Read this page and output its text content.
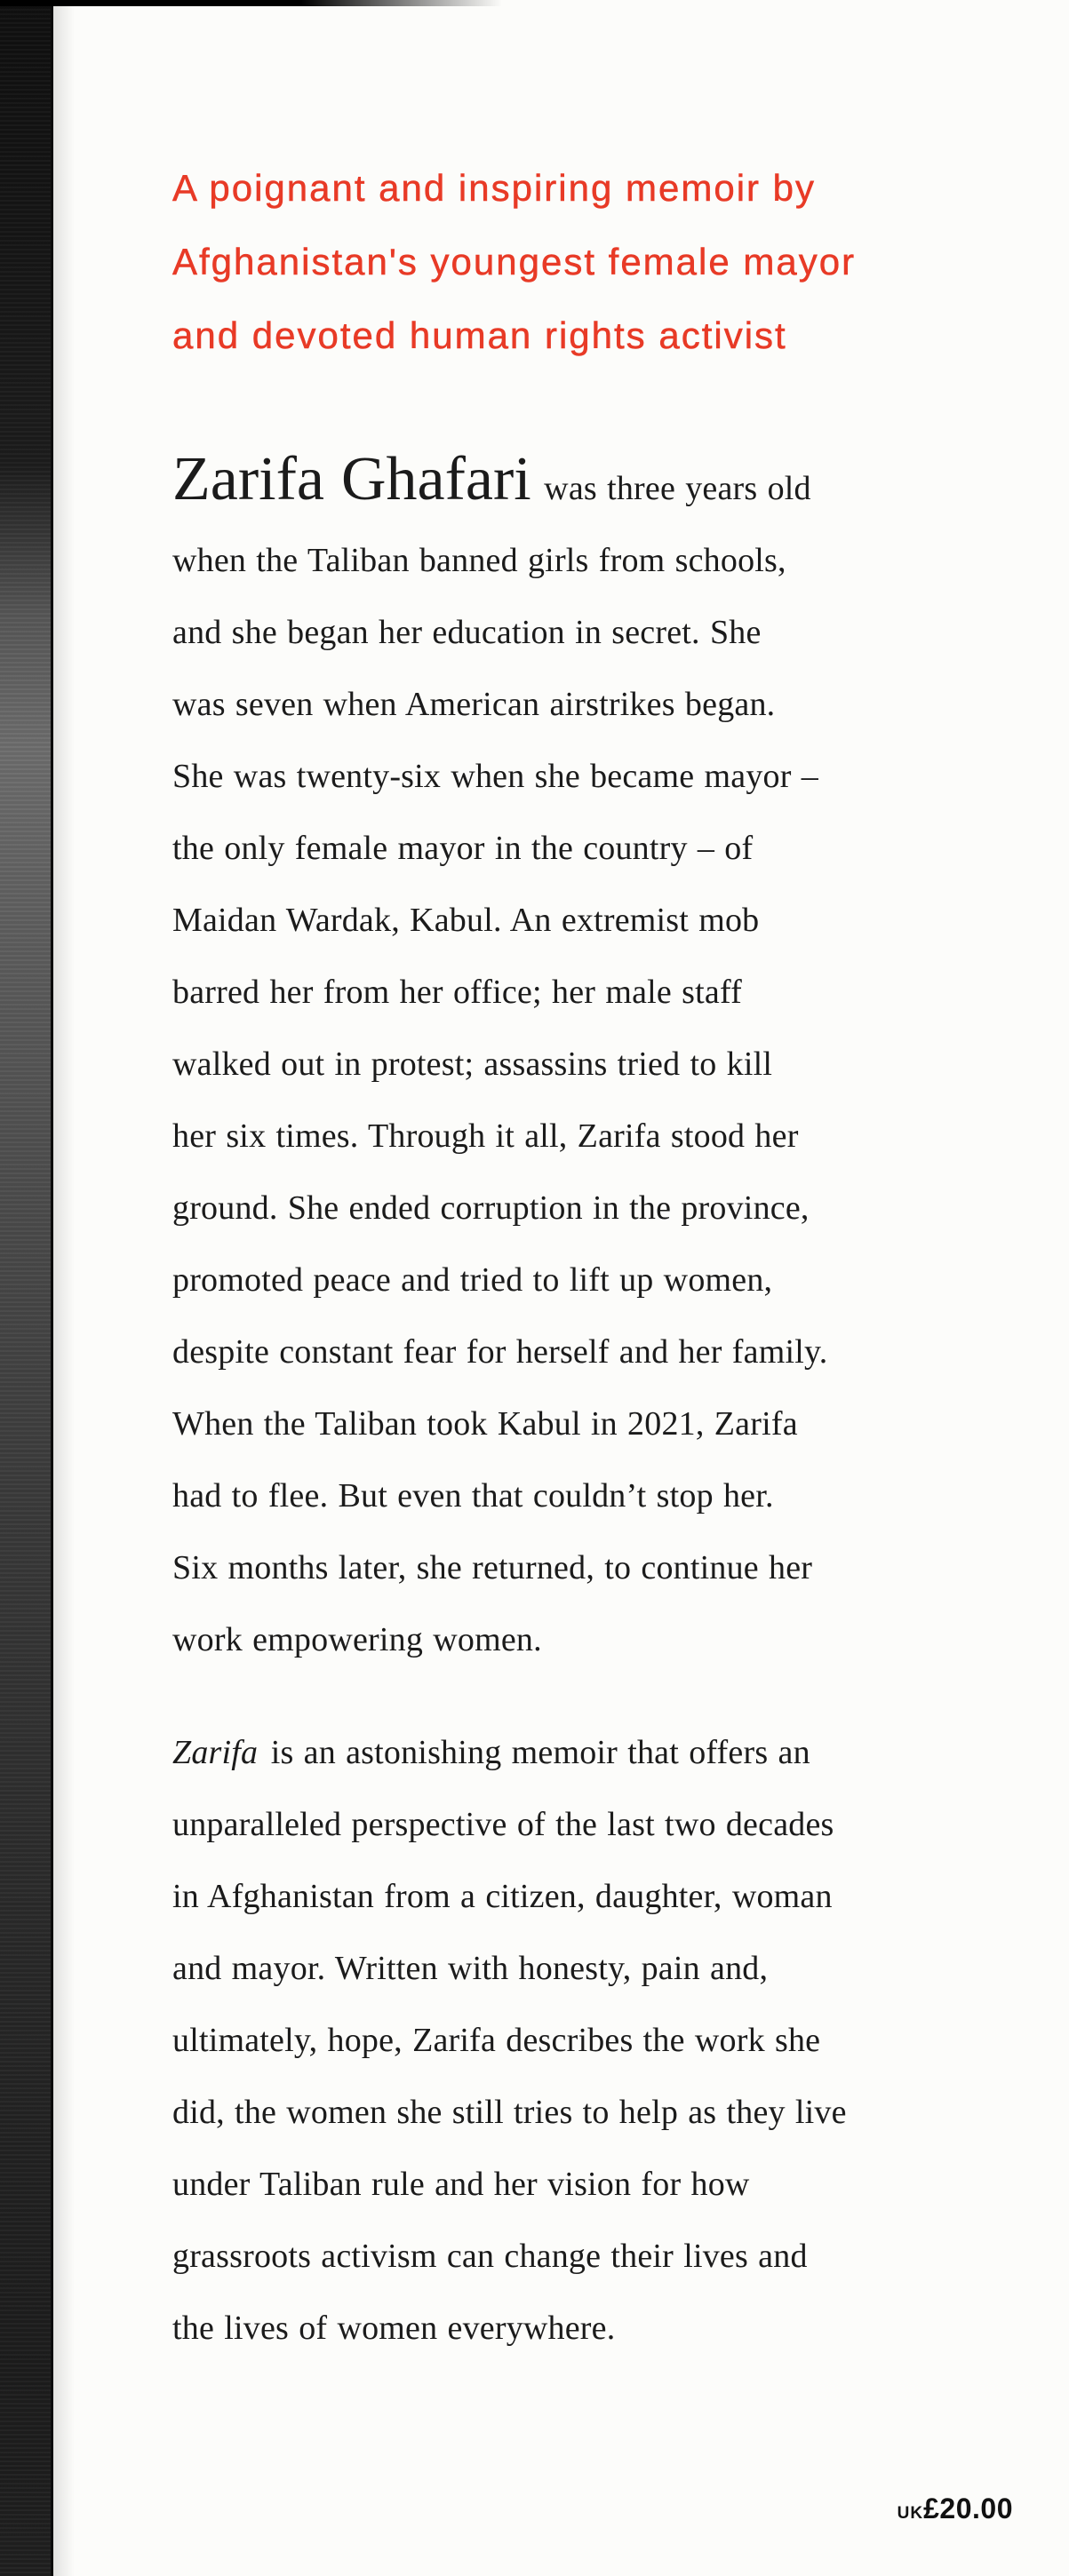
A poignant and inspiring memoir by
Afghanistan's youngest female mayor
and devoted human rights activist
Zarifa Ghafari was three years old
when the Taliban banned girls from schools,
and she began her education in secret. She
was seven when American airstrikes began.
She was twenty-six when she became mayor –
the only female mayor in the country – of
Maidan Wardak, Kabul. An extremist mob
barred her from her office; her male staff
walked out in protest; assassins tried to kill
her six times. Through it all, Zarifa stood her
ground. She ended corruption in the province,
promoted peace and tried to lift up women,
despite constant fear for herself and her family.
When the Taliban took Kabul in 2021, Zarifa
had to flee. But even that couldn’t stop her.
Six months later, she returned, to continue her
work empowering women.
Zarifa is an astonishing memoir that offers an
unparalleled perspective of the last two decades
in Afghanistan from a citizen, daughter, woman
and mayor. Written with honesty, pain and,
ultimately, hope, Zarifa describes the work she
did, the women she still tries to help as they live
under Taliban rule and her vision for how
grassroots activism can change their lives and
the lives of women everywhere.
UK £20.00
